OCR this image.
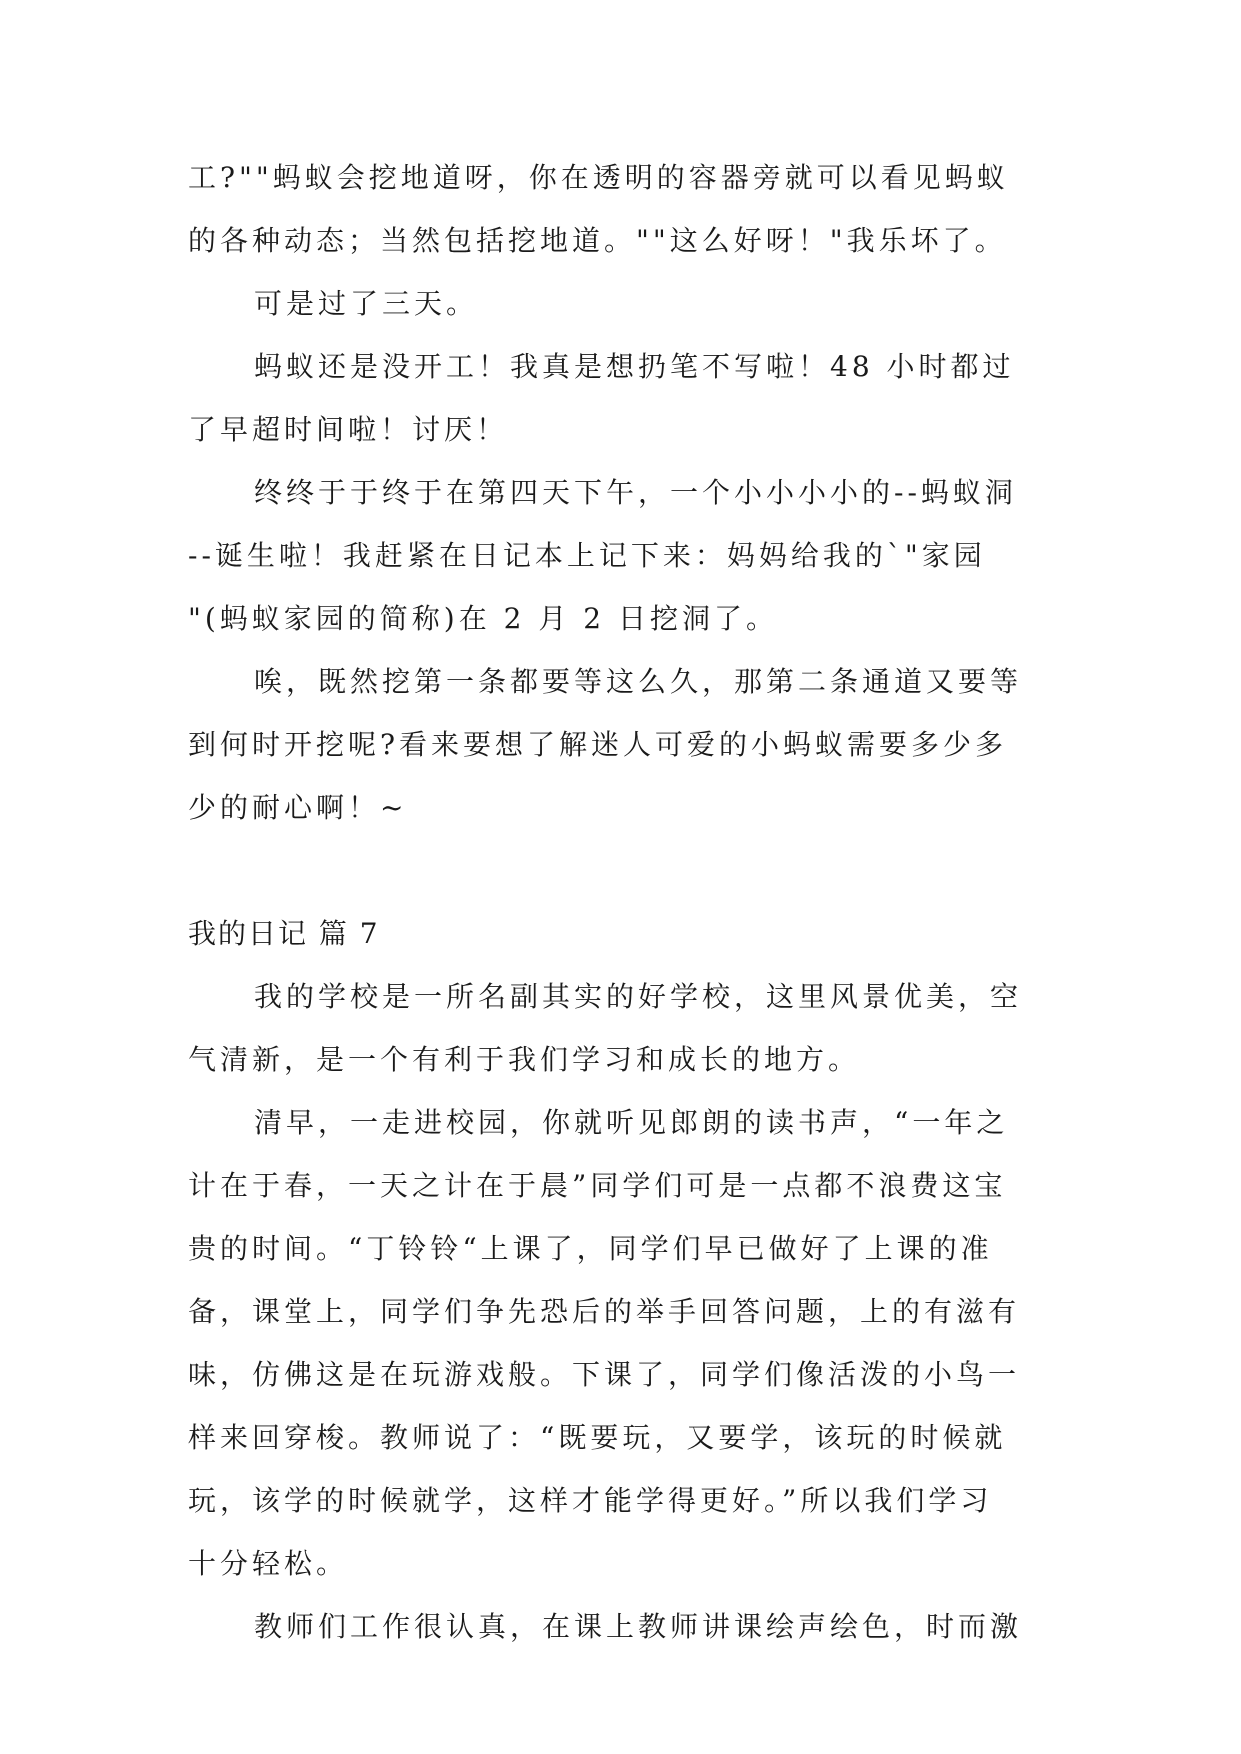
工?""蚂蚁会挖地道呀，你在透明的容器旁就可以看见蚂蚁
的各种动态；当然包括挖地道。""这么好呀！"我乐坏了。
可是过了三天。
蚂蚁还是没开工！我真是想扔笔不写啦！48 小时都过
了早超时间啦！讨厌！
终终于于终于在第四天下午，一个小小小小的--蚂蚁洞
--诞生啦！我赶紧在日记本上记下来：妈妈给我的`"家园
"(蚂蚁家园的简称)在 2 月 2 日挖洞了。
唉，既然挖第一条都要等这么久，那第二条通道又要等
到何时开挖呢?看来要想了解迷人可爱的小蚂蚁需要多少多
少的耐心啊！~
我的日记 篇 7
我的学校是一所名副其实的好学校，这里风景优美，空
气清新，是一个有利于我们学习和成长的地方。
清早，一走进校园，你就听见郎朗的读书声，“一年之
计在于春，一天之计在于晨”同学们可是一点都不浪费这宝
贵的时间。“丁铃铃“上课了，同学们早已做好了上课的准
备，课堂上，同学们争先恐后的举手回答问题，上的有滋有
味，仿佛这是在玩游戏般。下课了，同学们像活泼的小鸟一
样来回穿梭。教师说了：“既要玩，又要学，该玩的时候就
玩，该学的时候就学，这样才能学得更好。”所以我们学习
十分轻松。
教师们工作很认真，在课上教师讲课绘声绘色，时而激
